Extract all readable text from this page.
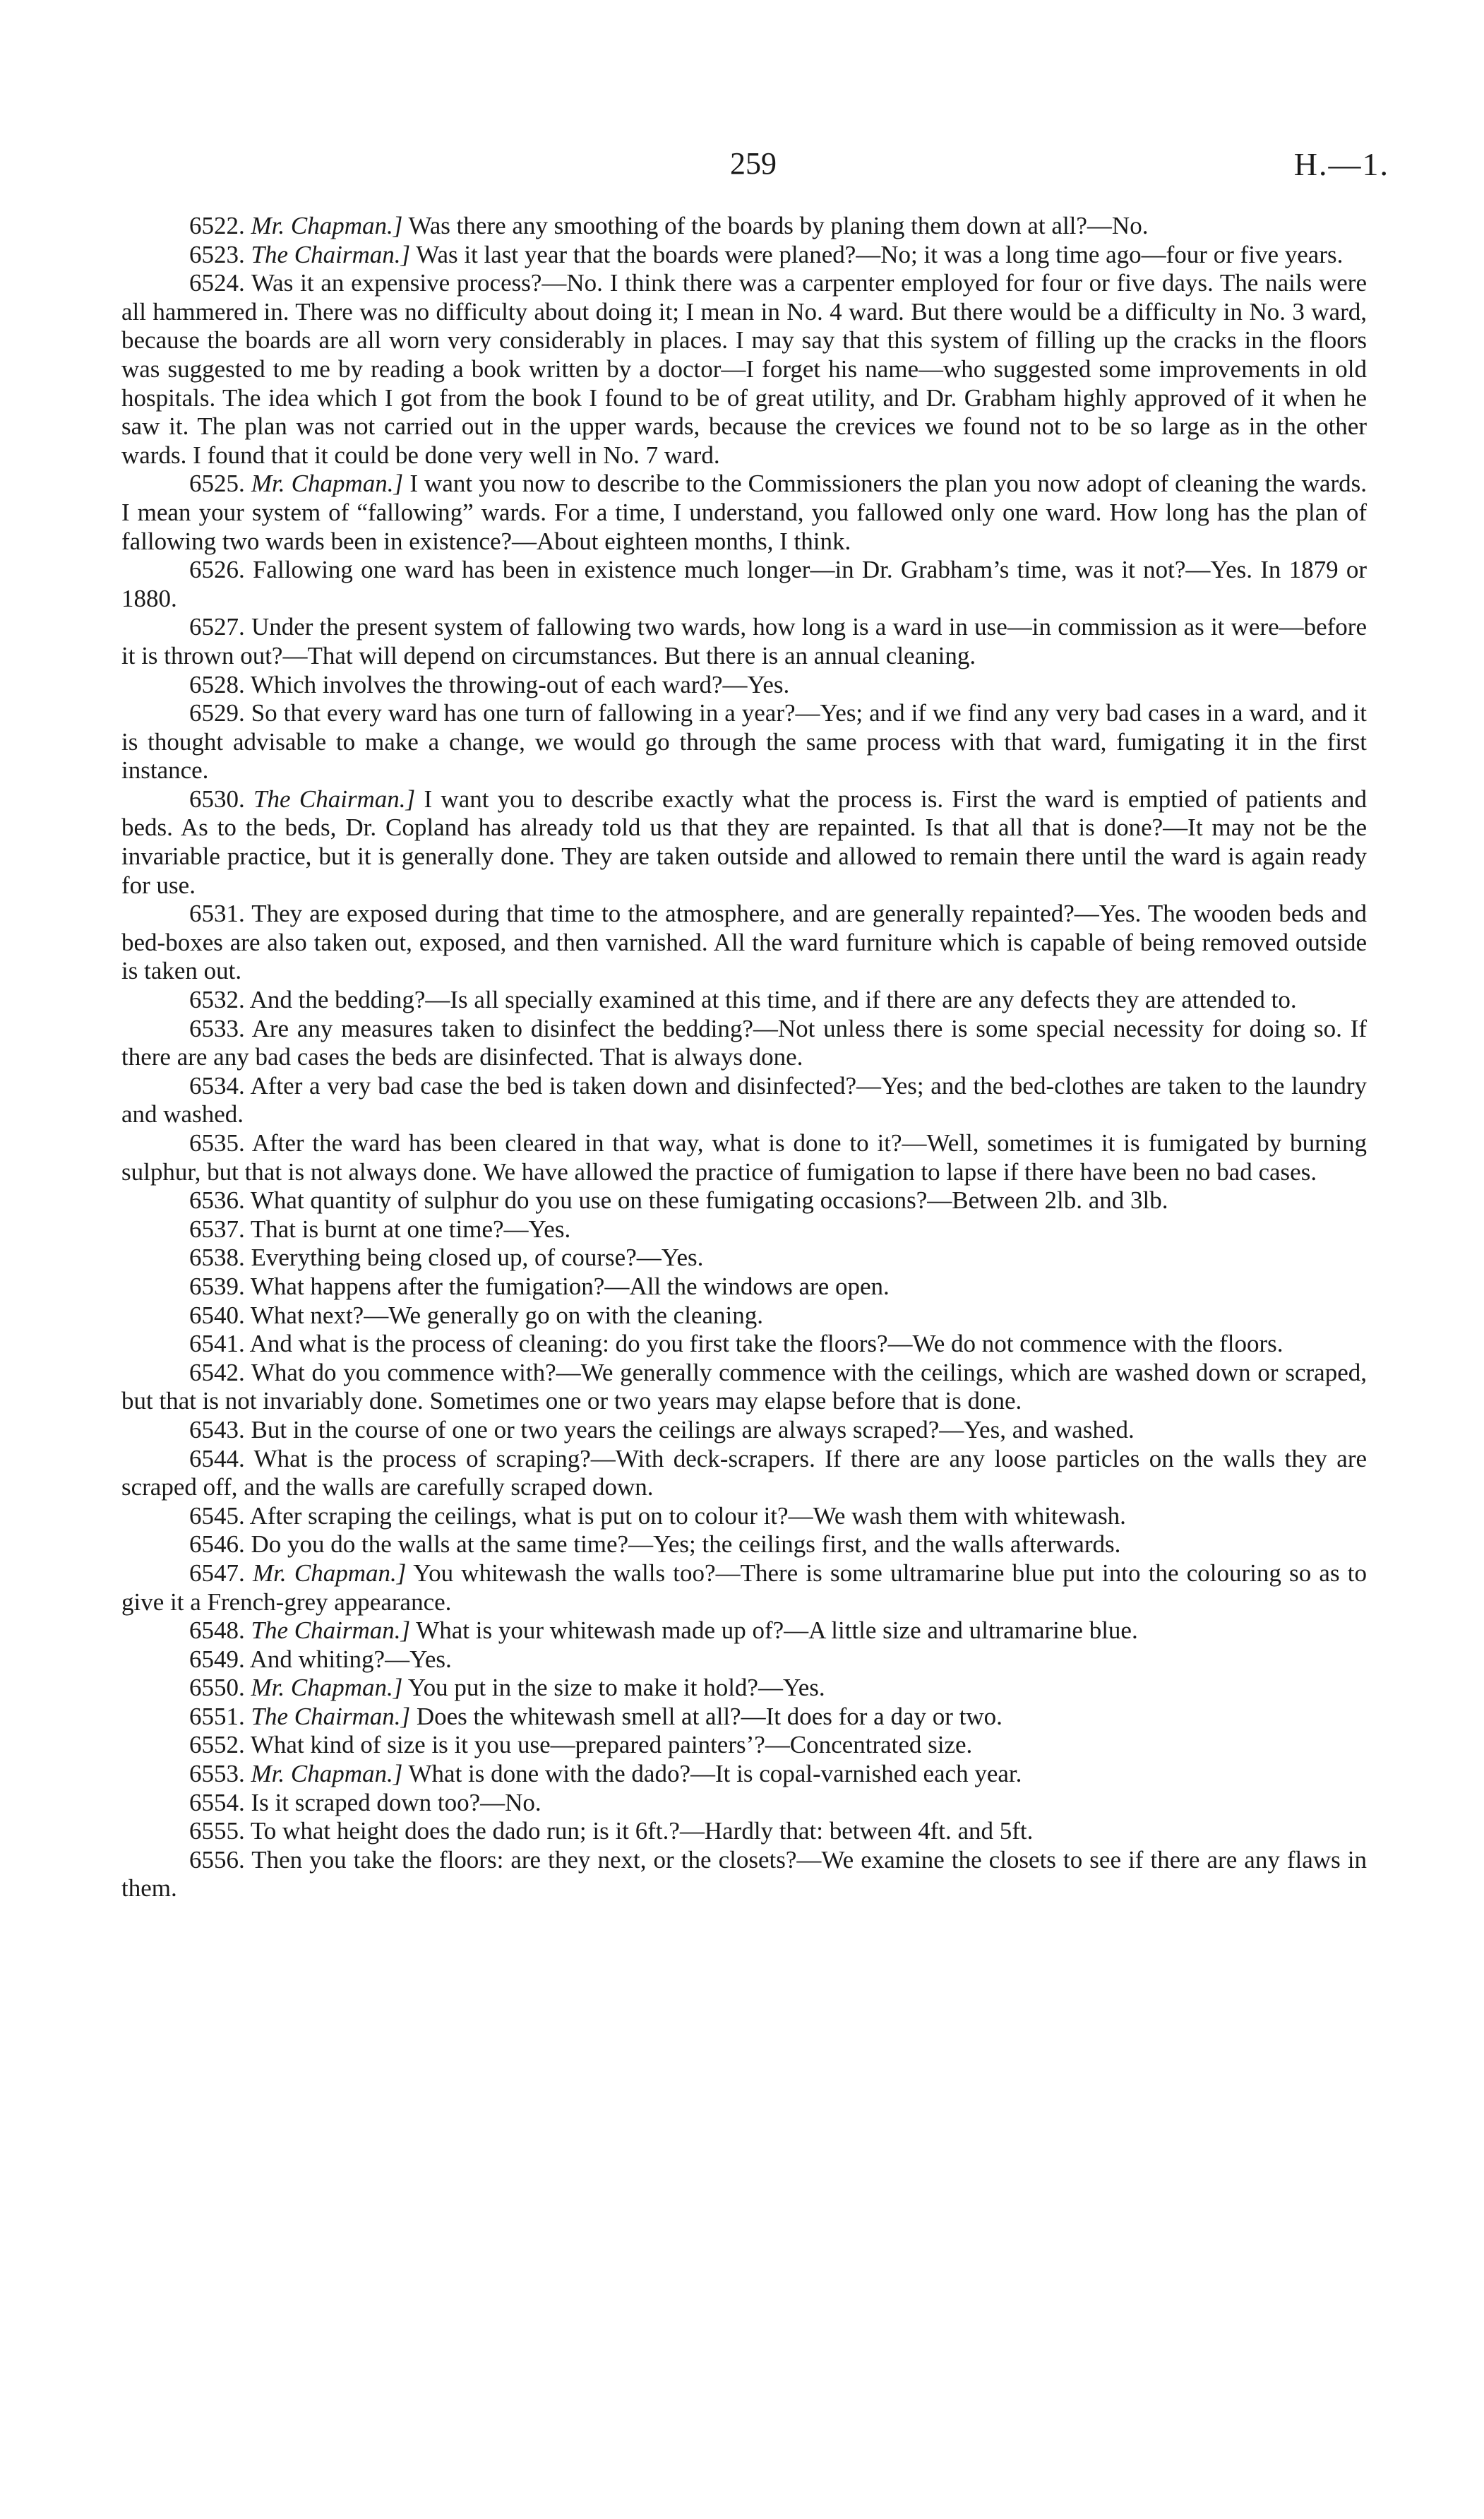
259	H.—1.

6522. Mr. Chapman.] Was there any smoothing of the boards by planing them down at all?—No.

6523. The Chairman.] Was it last year that the boards were planed?—No; it was a long time ago—four or five years.

6524. Was it an expensive process?—No. I think there was a carpenter employed for four or five days. The nails were all hammered in. There was no difficulty about doing it; I mean in No. 4 ward. But there would be a difficulty in No. 3 ward, because the boards are all worn very considerably in places. I may say that this system of filling up the cracks in the floors was suggested to me by reading a book written by a doctor—I forget his name—who suggested some improvements in old hospitals. The idea which I got from the book I found to be of great utility, and Dr. Grabham highly approved of it when he saw it. The plan was not carried out in the upper wards, because the crevices we found not to be so large as in the other wards. I found that it could be done very well in No. 7 ward.

6525. Mr. Chapman.] I want you now to describe to the Commissioners the plan you now adopt of cleaning the wards. I mean your system of “fallowing” wards. For a time, I understand, you fallowed only one ward. How long has the plan of fallowing two wards been in existence?—About eighteen months, I think.

6526. Fallowing one ward has been in existence much longer—in Dr. Grabham’s time, was it not?—Yes. In 1879 or 1880.

6527. Under the present system of fallowing two wards, how long is a ward in use—in commission as it were—before it is thrown out?—That will depend on circumstances. But there is an annual cleaning.

6528. Which involves the throwing-out of each ward?—Yes.

6529. So that every ward has one turn of fallowing in a year?—Yes; and if we find any very bad cases in a ward, and it is thought advisable to make a change, we would go through the same process with that ward, fumigating it in the first instance.

6530. The Chairman.] I want you to describe exactly what the process is. First the ward is emptied of patients and beds. As to the beds, Dr. Copland has already told us that they are repainted. Is that all that is done?—It may not be the invariable practice, but it is generally done. They are taken outside and allowed to remain there until the ward is again ready for use.

6531. They are exposed during that time to the atmosphere, and are generally repainted?—Yes. The wooden beds and bed-boxes are also taken out, exposed, and then varnished. All the ward furniture which is capable of being removed outside is taken out.

6532. And the bedding?—Is all specially examined at this time, and if there are any defects they are attended to.

6533. Are any measures taken to disinfect the bedding?—Not unless there is some special necessity for doing so. If there are any bad cases the beds are disinfected. That is always done.

6534. After a very bad case the bed is taken down and disinfected?—Yes; and the bed-clothes are taken to the laundry and washed.

6535. After the ward has been cleared in that way, what is done to it?—Well, sometimes it is fumigated by burning sulphur, but that is not always done. We have allowed the practice of fumigation to lapse if there have been no bad cases.

6536. What quantity of sulphur do you use on these fumigating occasions?—Between 2lb. and 3lb.

6537. That is burnt at one time?—Yes.

6538. Everything being closed up, of course?—Yes.

6539. What happens after the fumigation?—All the windows are open.

6540. What next?—We generally go on with the cleaning.

6541. And what is the process of cleaning: do you first take the floors?—We do not commence with the floors.

6542. What do you commence with?—We generally commence with the ceilings, which are washed down or scraped, but that is not invariably done. Sometimes one or two years may elapse before that is done.

6543. But in the course of one or two years the ceilings are always scraped?—Yes, and washed.

6544. What is the process of scraping?—With deck-scrapers. If there are any loose particles on the walls they are scraped off, and the walls are carefully scraped down.

6545. After scraping the ceilings, what is put on to colour it?—We wash them with whitewash.

6546. Do you do the walls at the same time?—Yes; the ceilings first, and the walls afterwards.

6547. Mr. Chapman.] You whitewash the walls too?—There is some ultramarine blue put into the colouring so as to give it a French-grey appearance.

6548. The Chairman.] What is your whitewash made up of?—A little size and ultramarine blue.

6549. And whiting?—Yes.

6550. Mr. Chapman.] You put in the size to make it hold?—Yes.

6551. The Chairman.] Does the whitewash smell at all?—It does for a day or two.

6552. What kind of size is it you use—prepared painters’?—Concentrated size.

6553. Mr. Chapman.] What is done with the dado?—It is copal-varnished each year.

6554. Is it scraped down too?—No.

6555. To what height does the dado run; is it 6ft.?—Hardly that: between 4ft. and 5ft.

6556. Then you take the floors: are they next, or the closets?—We examine the closets to see if there are any flaws in them.
